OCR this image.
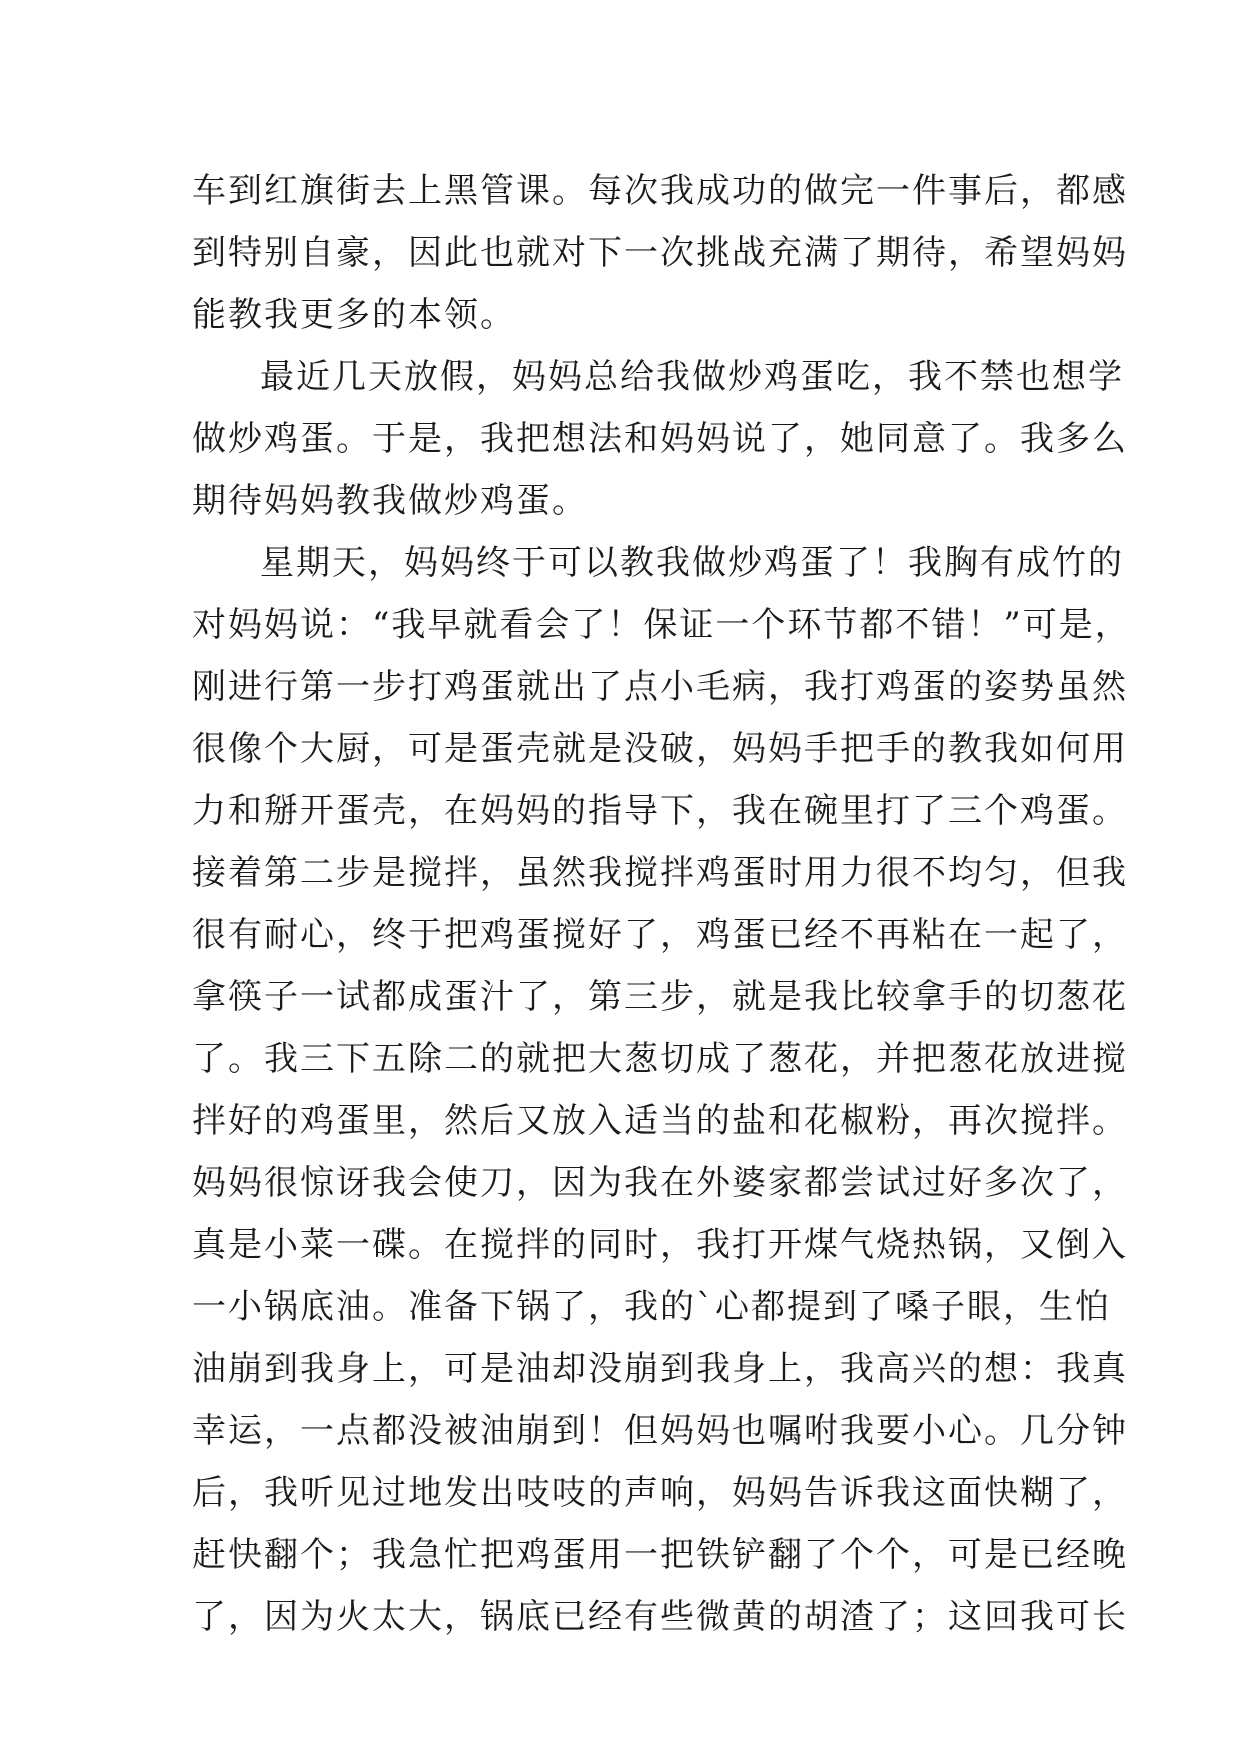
车到红旗街去上黑管课。每次我成功的做完一件事后，都感
到特别自豪，因此也就对下一次挑战充满了期待，希望妈妈
能教我更多的本领。
最近几天放假，妈妈总给我做炒鸡蛋吃，我不禁也想学
做炒鸡蛋。于是，我把想法和妈妈说了，她同意了。我多么
期待妈妈教我做炒鸡蛋。
星期天，妈妈终于可以教我做炒鸡蛋了！我胸有成竹的
对妈妈说：“我早就看会了！保证一个环节都不错！”可是，
刚进行第一步打鸡蛋就出了点小毛病，我打鸡蛋的姿势虽然
很像个大厨，可是蛋壳就是没破，妈妈手把手的教我如何用
力和掰开蛋壳，在妈妈的指导下，我在碗里打了三个鸡蛋。
接着第二步是搅拌，虽然我搅拌鸡蛋时用力很不均匀，但我
很有耐心，终于把鸡蛋搅好了，鸡蛋已经不再粘在一起了，
拿筷子一试都成蛋汁了，第三步，就是我比较拿手的切葱花
了。我三下五除二的就把大葱切成了葱花，并把葱花放进搅
拌好的鸡蛋里，然后又放入适当的盐和花椒粉，再次搅拌。
妈妈很惊讶我会使刀，因为我在外婆家都尝试过好多次了，
真是小菜一碟。在搅拌的同时，我打开煤气烧热锅，又倒入
一小锅底油。准备下锅了，我的`心都提到了嗓子眼，生怕
油崩到我身上，可是油却没崩到我身上，我高兴的想：我真
幸运，一点都没被油崩到！但妈妈也嘱咐我要小心。几分钟
后，我听见过地发出吱吱的声响，妈妈告诉我这面快糊了，
赶快翻个；我急忙把鸡蛋用一把铁铲翻了个个，可是已经晚
了，因为火太大，锅底已经有些微黄的胡渣了；这回我可长
